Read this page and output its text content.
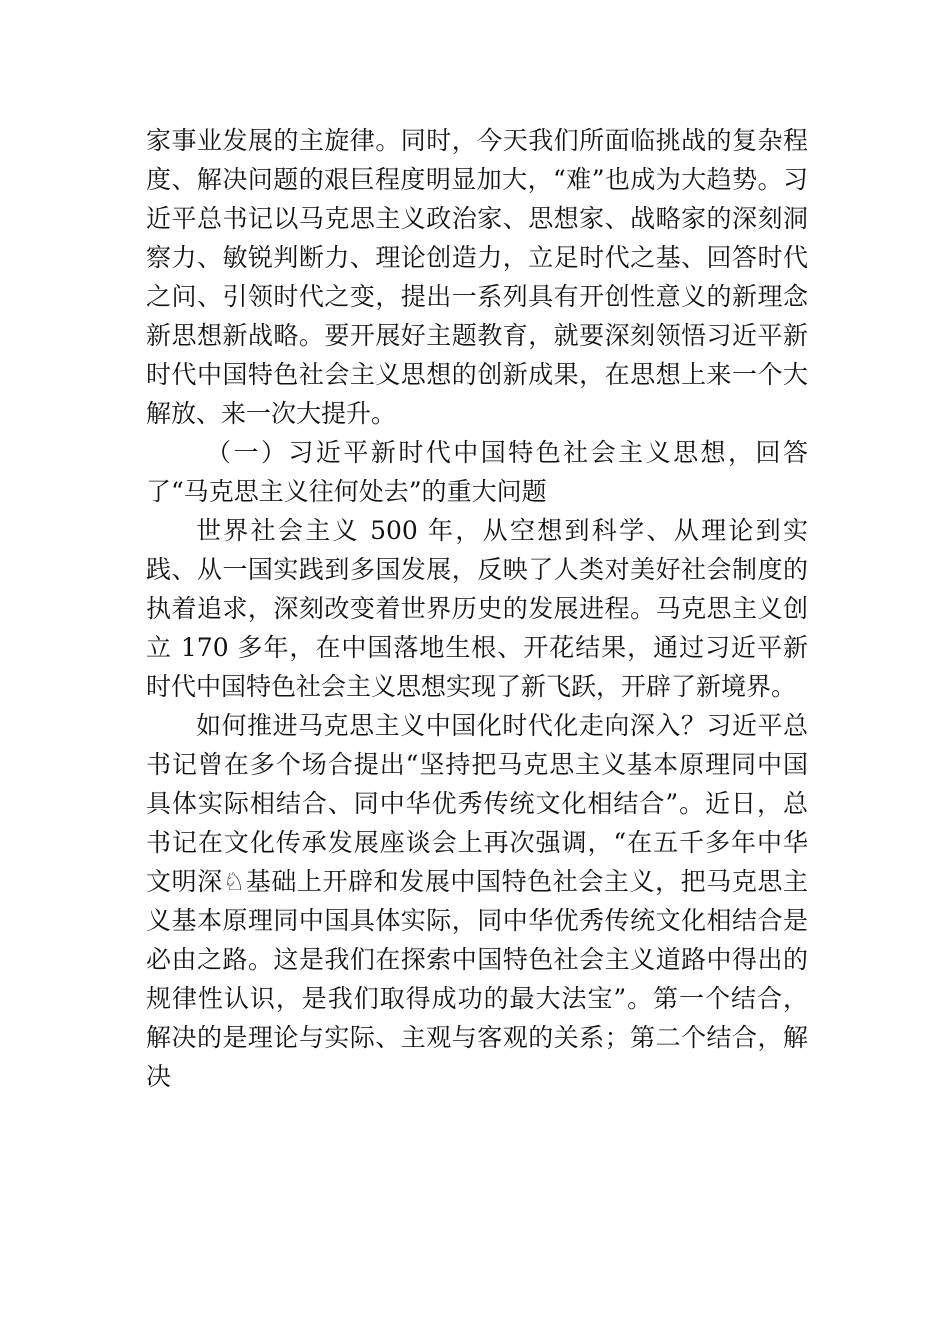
家事业发展的主旋律。同时，今天我们所面临挑战的复杂程度、解决问题的艰巨程度明显加大，“难”也成为大趋势。习近平总书记以马克思主义政治家、思想家、战略家的深刻洞察力、敏锐判断力、理论创造力，立足时代之基、回答时代之问、引领时代之变，提出一系列具有开创性意义的新理念新思想新战略。要开展好主题教育，就要深刻领悟习近平新时代中国特色社会主义思想的创新成果，在思想上来一个大解放、来一次大提升。

（一）习近平新时代中国特色社会主义思想，回答了“马克思主义往何处去”的重大问题

世界社会主义 500 年，从空想到科学、从理论到实践、从一国实践到多国发展，反映了人类对美好社会制度的执着追求，深刻改变着世界历史的发展进程。马克思主义创立 170 多年，在中国落地生根、开花结果，通过习近平新时代中国特色社会主义思想实现了新飞跃，开辟了新境界。

如何推进马克思主义中国化时代化走向深入？习近平总书记曾在多个场合提出“坚持把马克思主义基本原理同中国具体实际相结合、同中华优秀传统文化相结合”。近日，总书记在文化传承发展座谈会上再次强调，“在五千多年中华文明深♘基础上开辟和发展中国特色社会主义，把马克思主义基本原理同中国具体实际，同中华优秀传统文化相结合是必由之路。这是我们在探索中国特色社会主义道路中得出的规律性认识，是我们取得成功的最大法宝”。第一个结合，解决的是理论与实际、主观与客观的关系；第二个结合，解决
